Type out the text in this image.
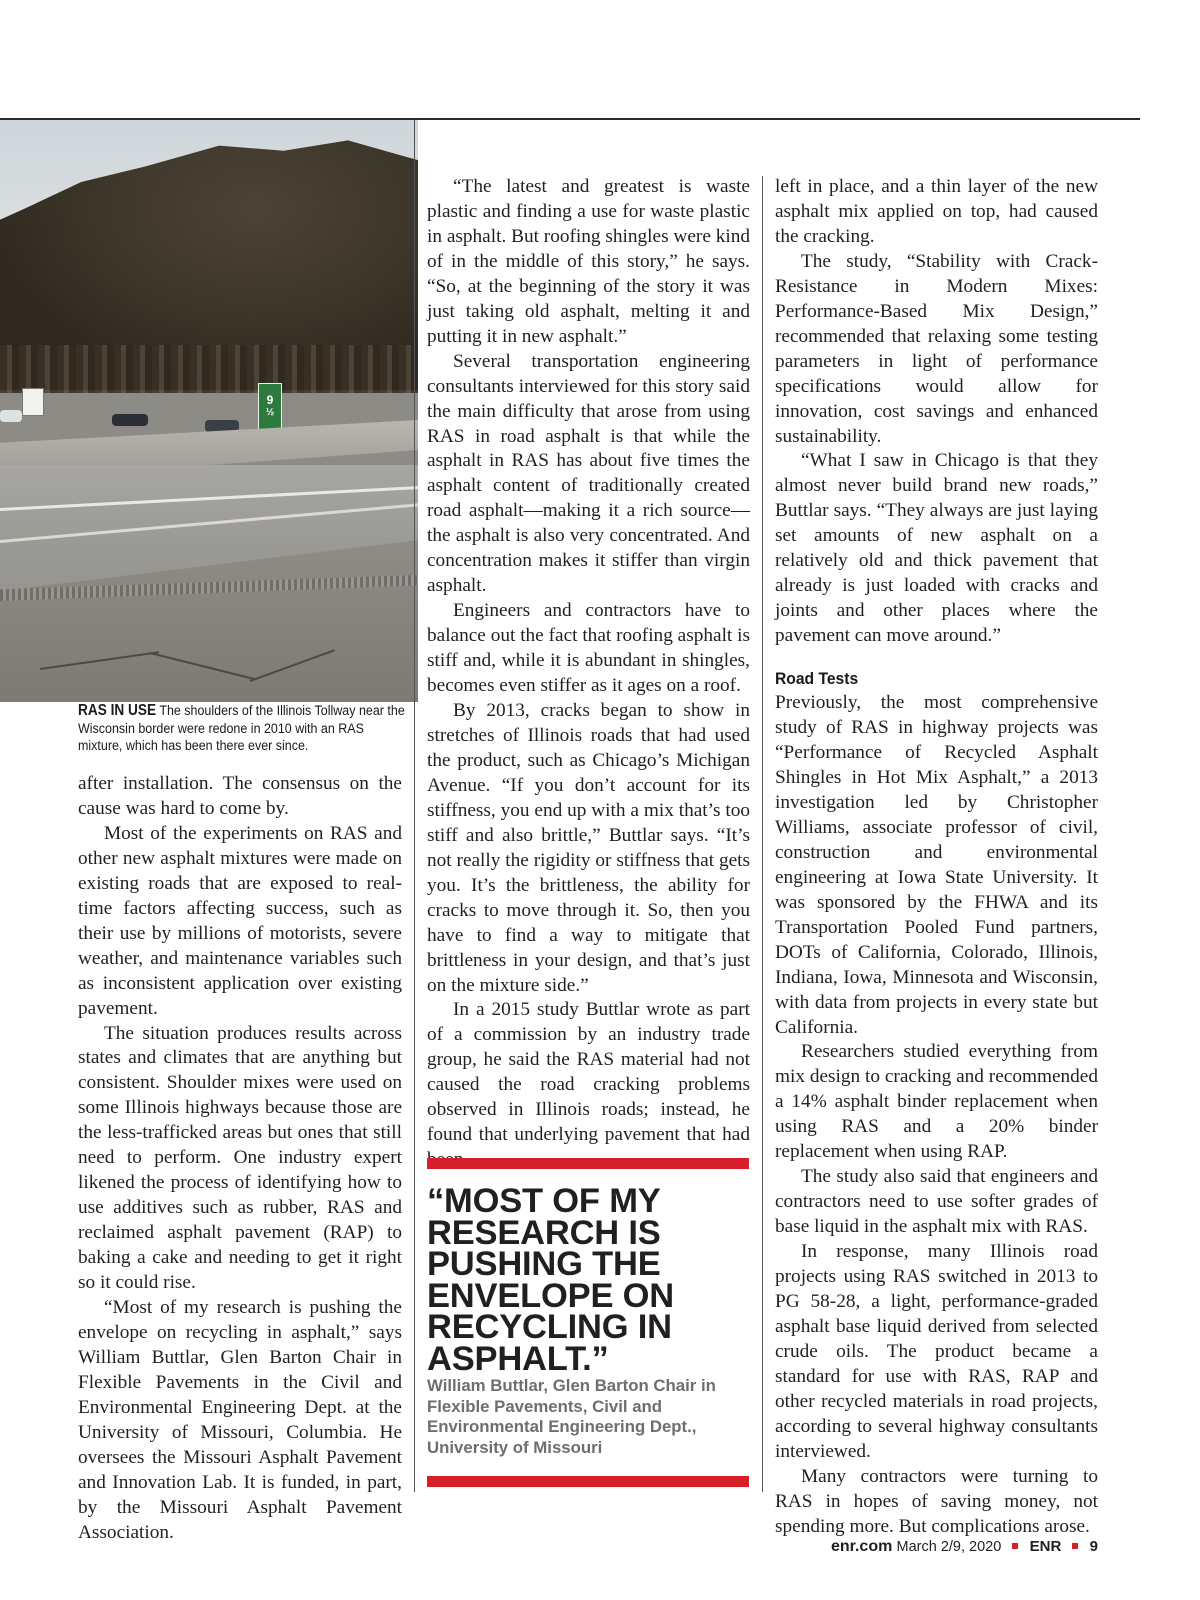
9
½
RAS IN USE The shoulders of the Illinois Tollway near the Wisconsin border were redone in 2010 with an RAS mixture, which has been there ever since.

after installation. The consensus on the cause was hard to come by.

Most of the experiments on RAS and other new asphalt mixtures were made on existing roads that are exposed to real-time factors affecting success, such as their use by millions of motorists, severe weather, and maintenance variables such as inconsistent application over existing pavement.

The situation produces results across states and climates that are anything but consistent. Shoulder mixes were used on some Illinois highways because those are the less-trafficked areas but ones that still need to perform. One industry expert likened the process of identifying how to use additives such as rubber, RAS and reclaimed asphalt pavement (RAP) to baking a cake and needing to get it right so it could rise.

“Most of my research is pushing the envelope on recycling in asphalt,” says William Buttlar, Glen Barton Chair in Flexible Pavements in the Civil and Environmental Engineering Dept. at the University of Missouri, Columbia. He oversees the Missouri Asphalt Pavement and Innovation Lab. It is funded, in part, by the Missouri Asphalt Pavement Association.

“The latest and greatest is waste plastic and finding a use for waste plastic in asphalt. But roofing shingles were kind of in the middle of this story,” he says. “So, at the beginning of the story it was just taking old asphalt, melting it and putting it in new asphalt.”

Several transportation engineering consultants interviewed for this story said the main difficulty that arose from using RAS in road asphalt is that while the asphalt in RAS has about five times the asphalt content of traditionally created road asphalt—making it a rich source—the asphalt is also very concentrated. And concentration makes it stiffer than virgin asphalt.

Engineers and contractors have to balance out the fact that roofing asphalt is stiff and, while it is abundant in shingles, becomes even stiffer as it ages on a roof.

By 2013, cracks began to show in stretches of Illinois roads that had used the product, such as Chicago’s Michigan Avenue. “If you don’t account for its stiffness, you end up with a mix that’s too stiff and also brittle,” Buttlar says. “It’s not really the rigidity or stiffness that gets you. It’s the brittleness, the ability for cracks to move through it. So, then you have to find a way to mitigate that brittleness in your design, and that’s just on the mixture side.”

In a 2015 study Buttlar wrote as part of a commission by an industry trade group, he said the RAS material had not caused the road cracking problems observed in Illinois roads; instead, he found that underlying pavement that had

“MOST OF MY RESEARCH IS PUSHING THE ENVELOPE ON RECYCLING IN ASPHALT.”
William Buttlar, Glen Barton Chair in Flexible Pavements, Civil and Environmental Engineering Dept., University of Missouri

left in place, and a thin layer of the new asphalt mix applied on top, had caused the cracking.

The study, “Stability with Crack-Resistance in Modern Mixes: Performance-Based Mix Design,” recommended that relaxing some testing parameters in light of performance specifications would allow for innovation, cost savings and enhanced sustainability.

“What I saw in Chicago is that they almost never build brand new roads,” Buttlar says. “They always are just laying set amounts of new asphalt on a relatively old and thick pavement that already is just loaded with cracks and joints and other places where the pavement can move around.”

Road Tests

Previously, the most comprehensive study of RAS in highway projects was “Performance of Recycled Asphalt Shingles in Hot Mix Asphalt,” a 2013 investigation led by Christopher Williams, associate professor of civil, construction and environmental engineering at Iowa State University. It was sponsored by the FHWA and its Transportation Pooled Fund partners, DOTs of California, Colorado, Illinois, Indiana, Iowa, Minnesota and Wisconsin, with data from projects in every state but California.

Researchers studied everything from mix design to cracking and recommended a 14% asphalt binder replacement when using RAS and a 20% binder replacement when using RAP.

The study also said that engineers and contractors need to use softer grades of base liquid in the asphalt mix with RAS.

In response, many Illinois road projects using RAS switched in 2013 to PG 58-28, a light, performance-graded asphalt base liquid derived from selected crude oils. The product became a standard for use with RAS, RAP and other recycled materials in road projects, according to several highway consultants interviewed.

Many contractors were turning to RAS in hopes of saving money, not spending more. But complications arose.

enr.com March 2/9, 2020 ENR 9
